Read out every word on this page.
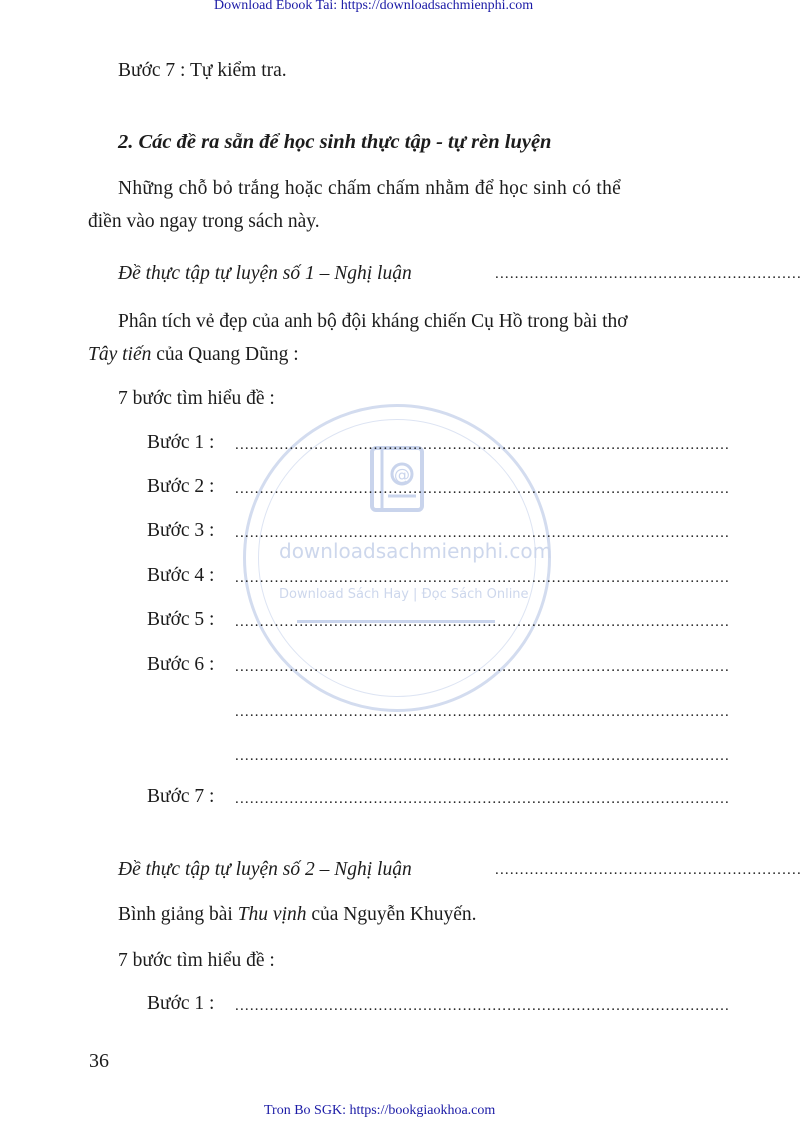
Download Ebook Tai: https://downloadsachmienphi.com
Tron Bo SGK: https://bookgiaokhoa.com
@
downloadsachmienphi.com
Download Sách Hay | Đọc Sách Online
Bước 7 : Tự kiểm tra.
2. Các đề ra sẵn để học sinh thực tập - tự rèn luyện
Những chỗ bỏ trắng hoặc chấm chấm nhằm để học sinh có thể
điền vào ngay trong sách này.
Đề thực tập tự luyện số 1 – Nghị luận	..............................................................
Phân tích vẻ đẹp của anh bộ đội kháng chiến Cụ Hồ trong bài thơ
Tây tiến của Quang Dũng :
7 bước tìm hiểu đề :
Bước 1 : ....................................................................................................
Bước 2 : ....................................................................................................
Bước 3 : ....................................................................................................
Bước 4 : ....................................................................................................
Bước 5 : ....................................................................................................
Bước 6 : ....................................................................................................
....................................................................................................
....................................................................................................
Bước 7 : ....................................................................................................
Đề thực tập tự luyện số 2 – Nghị luận	..............................................................
Bình giảng bài Thu vịnh của Nguyễn Khuyến.
7 bước tìm hiểu đề :
Bước 1 : ....................................................................................................
36
